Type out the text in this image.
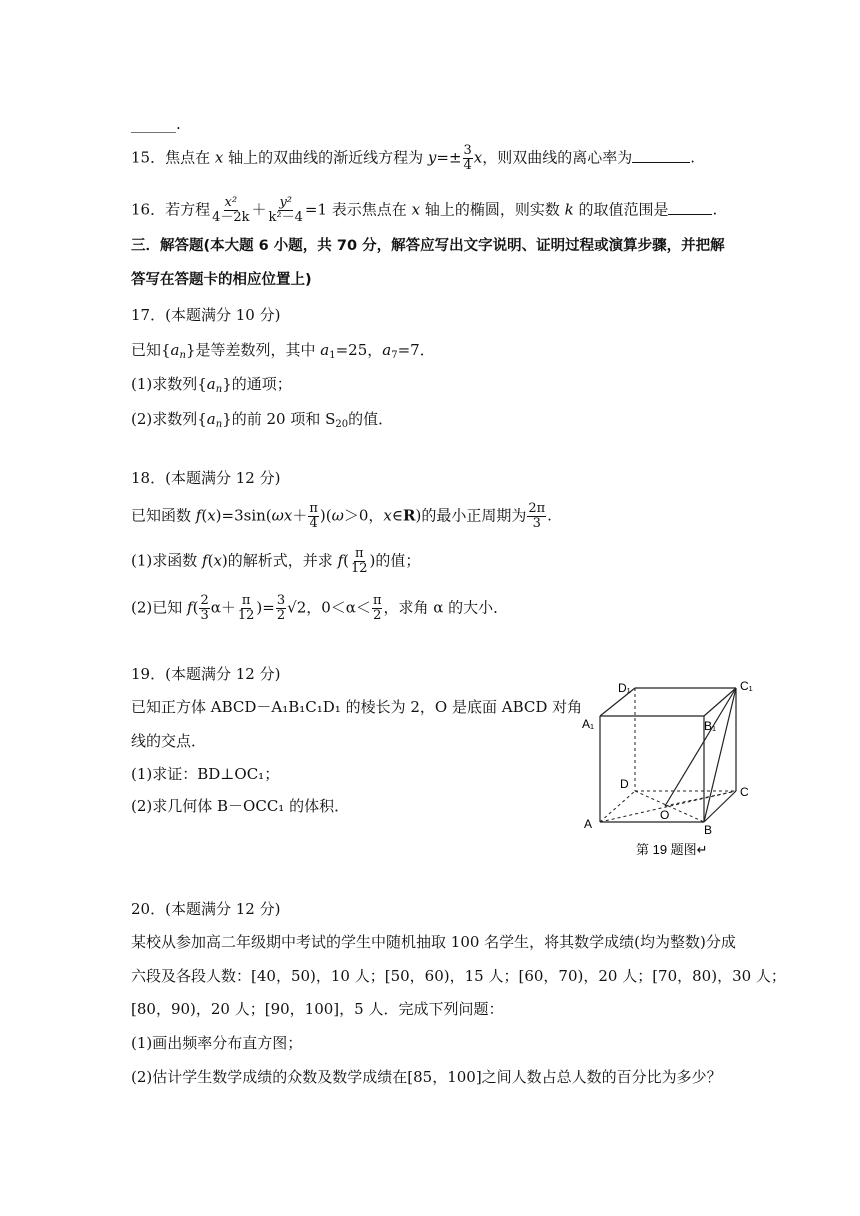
______.
15．焦点在 x 轴上的双曲线的渐近线方程为 $y=\pm \frac{3}{4}$ x，则双曲线的离心率为	.
16．若方程 $\frac{\text{x²}}{4-2k} + \frac{\text{y²}}{\text{k²－4}} =1$ 表示焦点在 x 轴上的椭圆，则实数 k 的取值范围是	.
三．解答题(本大题 6 小题，共 70 分，解答应写出文字说明、证明过程或演算步骤，并把解
答写在答题卡的相应位置上)
17．(本题满分 10 分)
已知$\{a_n\}$是等差数列，其中 $a_1=25$，$a_7=7$．
(1)求数列$\{a_n\}$的通项；
(2)求数列$\{a_n\}$的前 20 项和 $S_{20}$的值．
18．(本题满分 12 分)
已知函数 $f(x)=3\sin(\omega x+ \frac{\pi}{4} )(\omega>0$，x∈R)的最小正周期为 $\frac{2\pi}{3}$ .
(1)求函数 f(x)的解析式，并求 $f( \frac{\pi}{12}$ )的值；
(2)已知 $f( \frac{2}{3} \alpha+ \frac{\pi}{12}$ )= $\frac{3}{2} √2$，$0<\alpha< \frac{\pi}{2}$ ，求角 α 的大小．
19．(本题满分 12 分)
已知正方体 ABCD－A₁B₁C₁D₁ 的棱长为 2，O 是底面 ABCD 对角
线的交点．
(1)求证：BD⊥OC₁；
(2)求几何体 B－OCC₁ 的体积．
D₁	C₁
A₁	B₁
D
C
O
A	B
第 19 题图↵
20．(本题满分 12 分)
某校从参加高二年级期中考试的学生中随机抽取 100 名学生，将其数学成绩(均为整数)分成
六段及各段人数：[40，50)，10 人；[50，60)，15 人；[60，70)，20 人；[70，80)，30 人；
[80，90)，20 人；[90，100]，5 人．完成下列问题：
(1)画出频率分布直方图；
(2)估计学生数学成绩的众数及数学成绩在[85，100]之间人数占总人数的百分比为多少？
